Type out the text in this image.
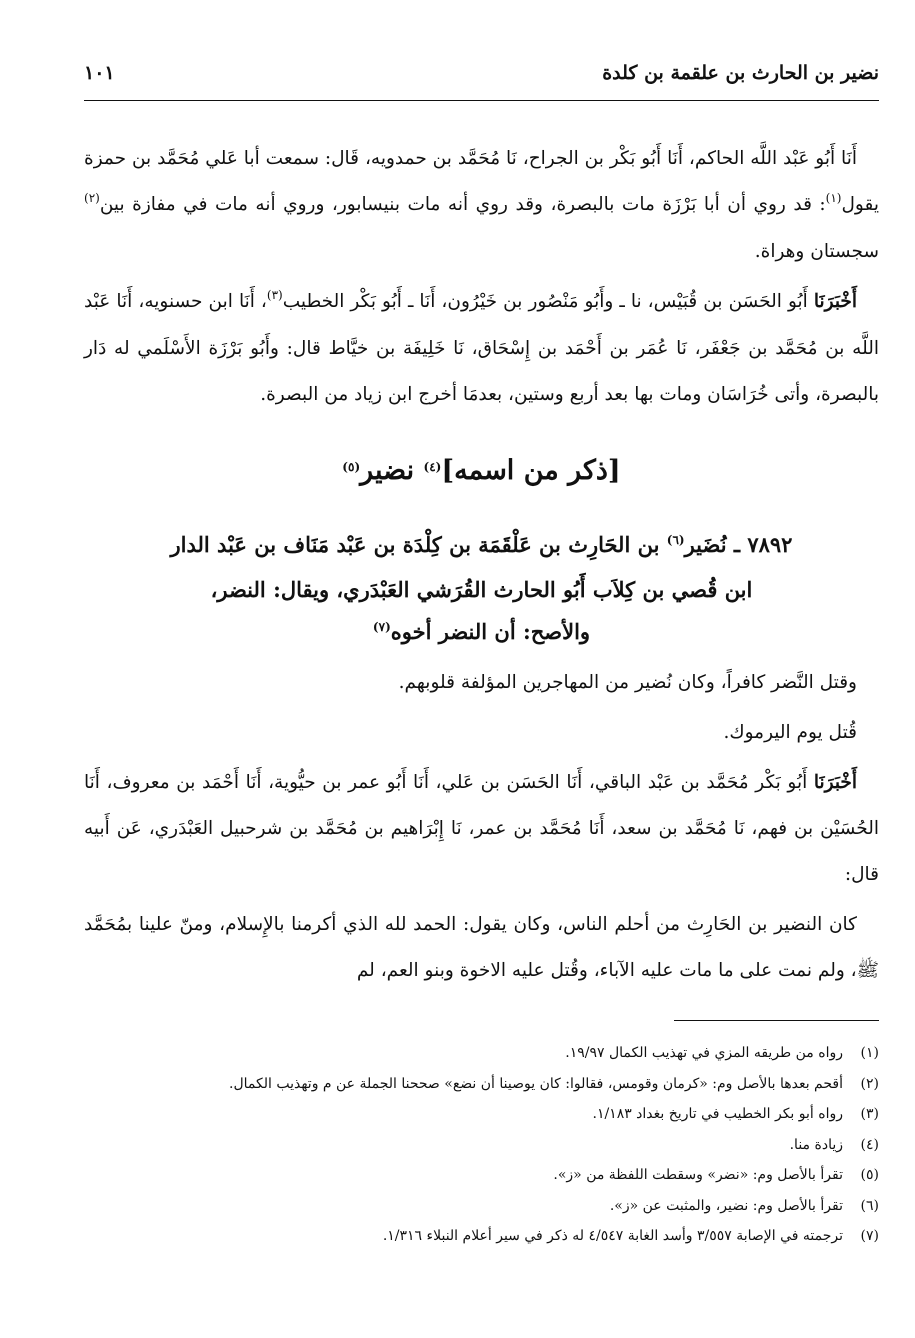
نضير بن الحارث بن علقمة بن كلدة
١٠١

أَنَا أَبُو عَبْد اللَّه الحاكم، أَنَا أَبُو بَكْر بن الجراح، نَا مُحَمَّد بن حمدويه، قَال: سمعت أبا عَلي مُحَمَّد بن حمزة يقول$^{(١)}$: قد روي أن أبا بَرْزَة مات بالبصرة، وقد روي أنه مات بنيسابور، وروي أنه مات في مفازة بين$^{(٢)}$ سجستان وهراة.

أَخْبَرَنَا أَبُو الحَسَن بن قُبَيْس، نا ـ وأَبُو مَنْصُور بن خَيْرُون، أَنَا ـ أَبُو بَكْر الخطيب$^{(٣)}$، أَنَا ابن حسنويه، أَنَا عَبْد اللَّه بن مُحَمَّد بن جَعْفَر، نَا عُمَر بن أَحْمَد بن إِسْحَاق، نَا خَلِيفَة بن خيَّاط قال: وأَبُو بَرْزَة الأَسْلَمي له دَار بالبصرة، وأتى خُرَاسَان ومات بها بعد أربع وستين، بعدمَا أخرج ابن زياد من البصرة.

[ذكر من اسمه]$^{(٤)}$ نضير$^{(٥)}$
٧٨٩٢ ـ نُضَير$^{(٦)}$ بن الحَارِث بن عَلْقَمَة بن كِلْدَة بن عَبْد مَنَاف بن عَبْد الدار
ابن قُصي بن كِلاَب أَبُو الحارث القُرَشي العَبْدَري، ويقال: النضر،
والأصح: أن النضر أخوه$^{(٧)}$

وقتل النَّضر كافراً، وكان نُضير من المهاجرين المؤلفة قلوبهم.

قُتل يوم اليرموك.

أَخْبَرَنَا أَبُو بَكْر مُحَمَّد بن عَبْد الباقي، أَنَا الحَسَن بن عَلي، أَنَا أَبُو عمر بن حيُّوية، أَنَا أَحْمَد بن معروف، أَنَا الحُسَيْن بن فهم، نَا مُحَمَّد بن سعد، أَنَا مُحَمَّد بن عمر، نَا إِبْرَاهيم بن مُحَمَّد بن شرحبيل العَبْدَري، عَن أَبيه قال:

كان النضير بن الحَارِث من أحلم الناس، وكان يقول: الحمد لله الذي أكرمنا بالإِسلام، ومنّ علينا بمُحَمَّد ﷺ، ولم نمت على ما مات عليه الآباء، وقُتل عليه الاخوة وبنو العم، لم

(١)
رواه من طريقه المزي في تهذيب الكمال ١٩/٩٧.
(٢)
أقحم بعدها بالأصل وم: «كرمان وقومس، فقالوا: كان يوصينا أن نضع» صححنا الجملة عن م وتهذيب الكمال.
(٣)
رواه أبو بكر الخطيب في تاريخ بغداد ١/١٨٣.
(٤)
زيادة منا.
(٥)
تقرأ بالأصل وم: «نضر» وسقطت اللفظة من «ز».
(٦)
تقرأ بالأصل وم: نضير، والمثبت عن «ز».
(٧)
ترجمته في الإصابة ٣/٥٥٧ وأسد الغابة ٤/٥٤٧ له ذكر في سير أعلام النبلاء ١/٣١٦.
